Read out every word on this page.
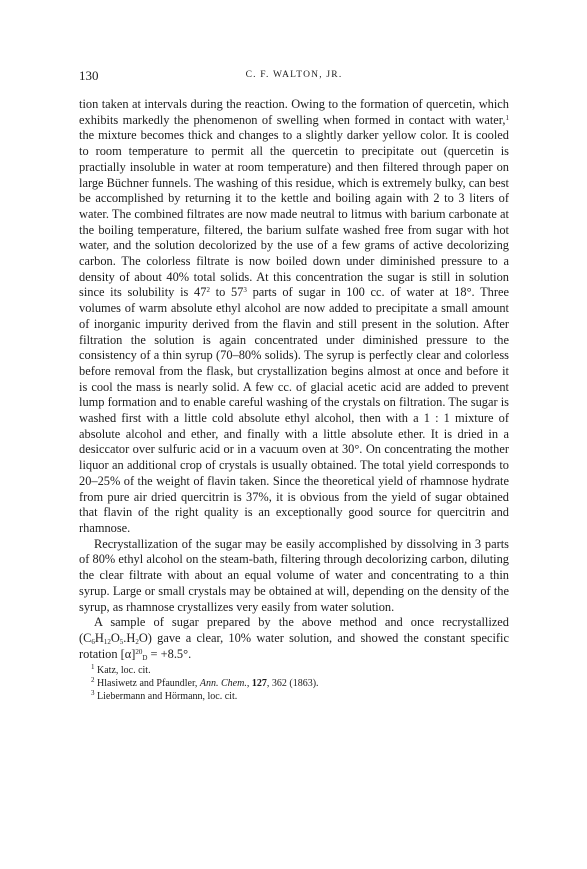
130	C. F. WALTON, JR.

tion taken at intervals during the reaction. Owing to the formation of quercetin, which exhibits markedly the phenomenon of swelling when formed in contact with water,$^1$ the mixture becomes thick and changes to a slightly darker yellow color. It is cooled to room temperature to permit all the quercetin to precipitate out (quercetin is practially insoluble in water at room temperature) and then filtered through paper on large Büchner funnels. The washing of this residue, which is extremely bulky, can best be accomplished by returning it to the kettle and boiling again with 2 to 3 liters of water. The combined filtrates are now made neutral to litmus with barium carbonate at the boiling temperature, filtered, the barium sulfate washed free from sugar with hot water, and the solution decolorized by the use of a few grams of active decolorizing carbon. The colorless filtrate is now boiled down under diminished pressure to a density of about 40% total solids. At this concentration the sugar is still in solution since its solubility is $47^2$ to $57^3$ parts of sugar in 100 cc. of water at 18°. Three volumes of warm absolute ethyl alcohol are now added to precipitate a small amount of inorganic impurity derived from the flavin and still present in the solution. After filtration the solution is again concentrated under diminished pressure to the consistency of a thin syrup (70–80% solids). The syrup is perfectly clear and colorless before removal from the flask, but crystallization begins almost at once and before it is cool the mass is nearly solid. A few cc. of glacial acetic acid are added to prevent lump formation and to enable careful washing of the crystals on filtration. The sugar is washed first with a little cold absolute ethyl alcohol, then with a 1 : 1 mixture of absolute alcohol and ether, and finally with a little absolute ether. It is dried in a desiccator over sulfuric acid or in a vacuum oven at 30°. On concentrating the mother liquor an additional crop of crystals is usually obtained. The total yield corresponds to 20–25% of the weight of flavin taken. Since the theoretical yield of rhamnose hydrate from pure air dried quercitrin is 37%, it is obvious from the yield of sugar obtained that flavin of the right quality is an exceptionally good source for quercitrin and rhamnose.

Recrystallization of the sugar may be easily accomplished by dissolving in 3 parts of 80% ethyl alcohol on the steam-bath, filtering through decolorizing carbon, diluting the clear filtrate with about an equal volume of water and concentrating to a thin syrup. Large or small crystals may be obtained at will, depending on the density of the syrup, as rhamnose crystallizes very easily from water solution.

A sample of sugar prepared by the above method and once recrystallized $(C_6H_{12}O_5.H_2O)$ gave a clear, 10% water solution, and showed the constant specific rotation $[\alpha]^{20}_D = +8.5^\circ$.

$^1$ Katz, loc. cit.
$^2$ Hlasiwetz and Pfaundler, Ann. Chem., 127, 362 (1863).
$^3$ Liebermann and Hörmann, loc. cit.
